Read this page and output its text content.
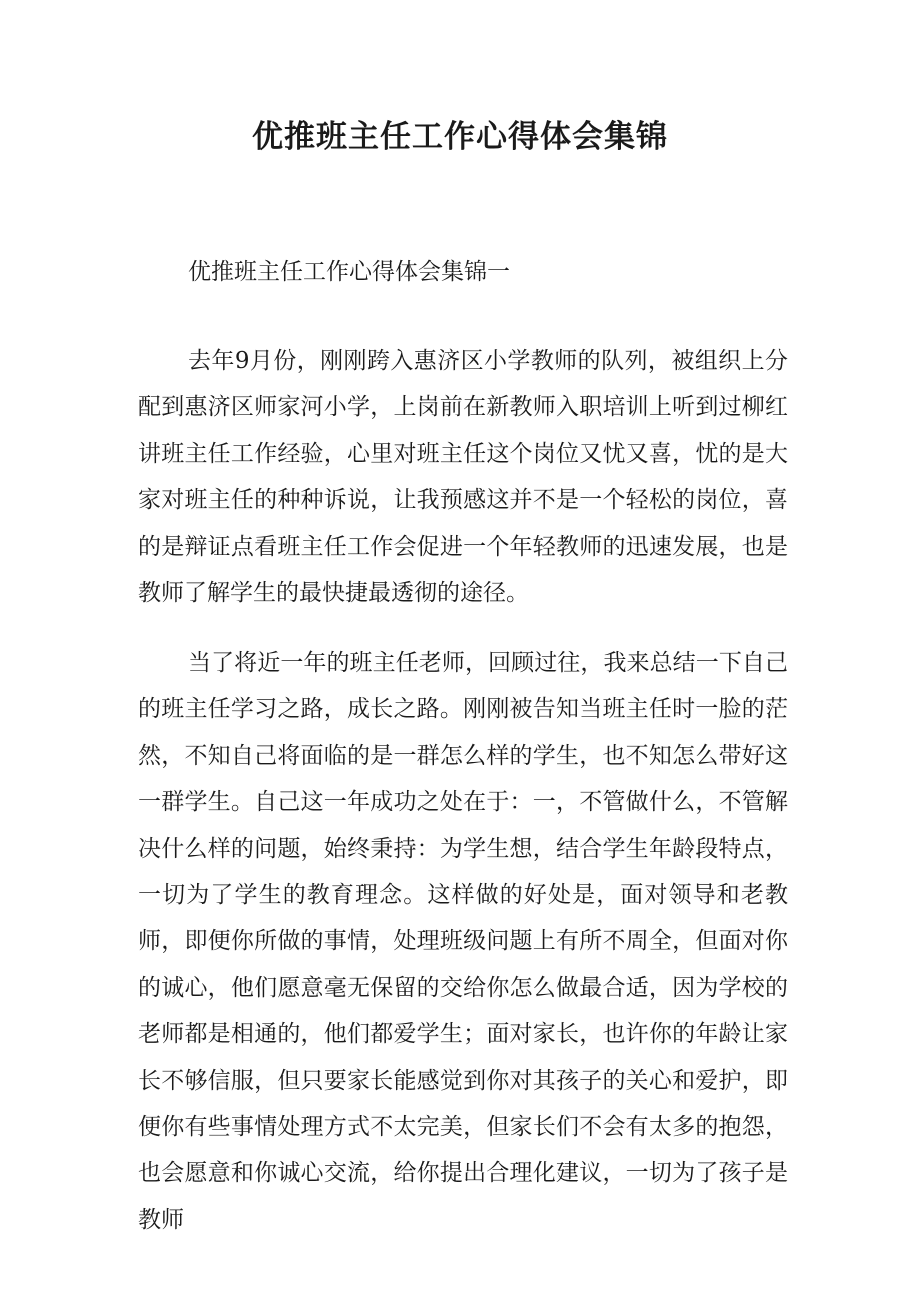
优推班主任工作心得体会集锦
优推班主任工作心得体会集锦一

去年9月份，刚刚跨入惠济区小学教师的队列，被组织上分配到惠济区师家河小学，上岗前在新教师入职培训上听到过柳红讲班主任工作经验，心里对班主任这个岗位又忧又喜，忧的是大家对班主任的种种诉说，让我预感这并不是一个轻松的岗位，喜的是辩证点看班主任工作会促进一个年轻教师的迅速发展，也是教师了解学生的最快捷最透彻的途径。

当了将近一年的班主任老师，回顾过往，我来总结一下自己的班主任学习之路，成长之路。刚刚被告知当班主任时一脸的茫然，不知自己将面临的是一群怎么样的学生，也不知怎么带好这一群学生。自己这一年成功之处在于：一，不管做什么，不管解决什么样的问题，始终秉持：为学生想，结合学生年龄段特点，一切为了学生的教育理念。这样做的好处是，面对领导和老教师，即便你所做的事情，处理班级问题上有所不周全，但面对你的诚心，他们愿意毫无保留的交给你怎么做最合适，因为学校的老师都是相通的，他们都爱学生；面对家长，也许你的年龄让家长不够信服，但只要家长能感觉到你对其孩子的关心和爱护，即便你有些事情处理方式不太完美，但家长们不会有太多的抱怨，也会愿意和你诚心交流，给你提出合理化建议，一切为了孩子是教师
